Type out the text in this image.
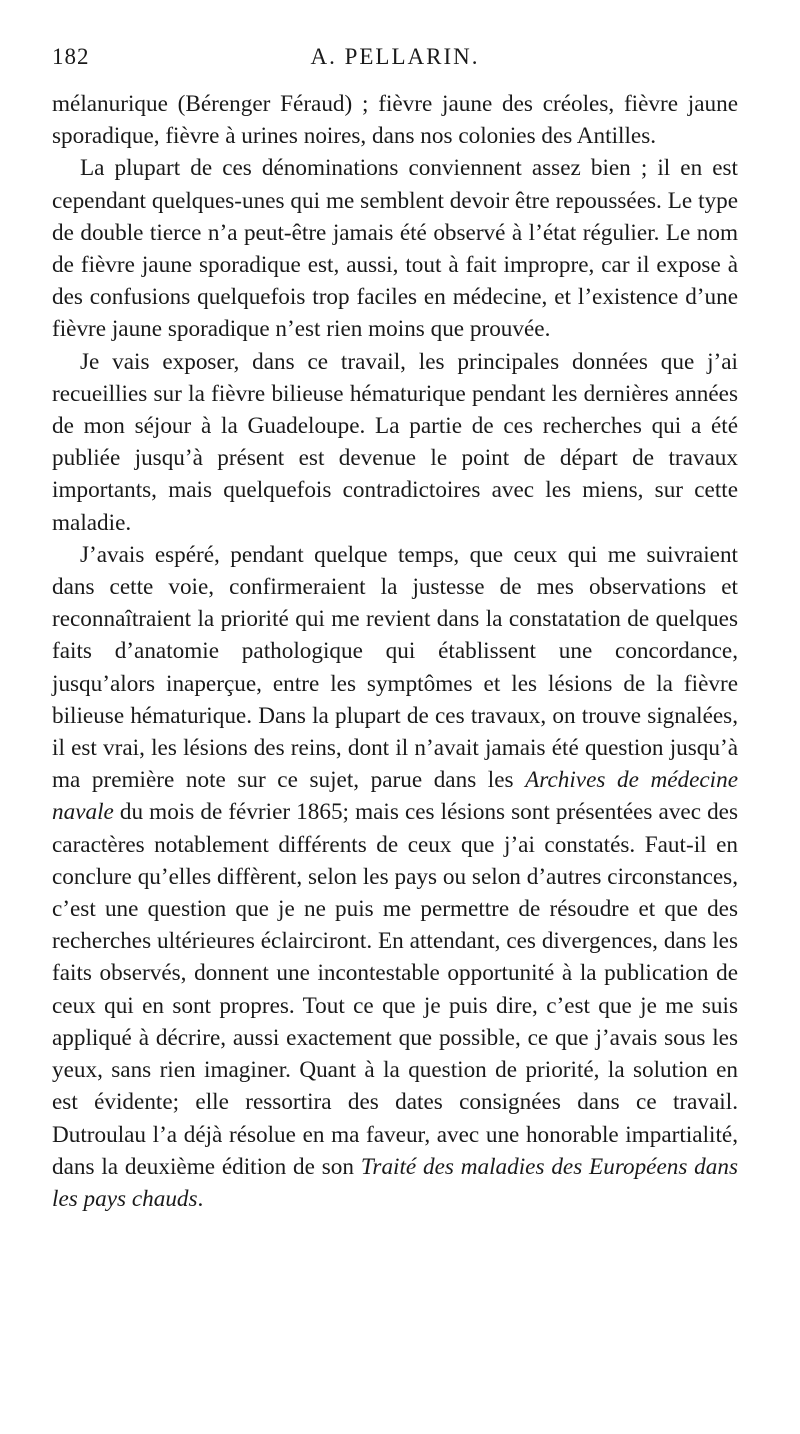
182	A. PELLARIN.

mélanurique (Bérenger Féraud) ; fièvre jaune des créoles, fièvre jaune sporadique, fièvre à urines noires, dans nos colonies des Antilles.

La plupart de ces dénominations conviennent assez bien ; il en est cependant quelques-unes qui me semblent devoir être repoussées. Le type de double tierce n’a peut-être jamais été observé à l’état régulier. Le nom de fièvre jaune sporadique est, aussi, tout à fait impropre, car il expose à des confusions quelquefois trop faciles en médecine, et l’existence d’une fièvre jaune sporadique n’est rien moins que prouvée.

Je vais exposer, dans ce travail, les principales données que j’ai recueillies sur la fièvre bilieuse hématurique pendant les dernières années de mon séjour à la Guadeloupe. La partie de ces recherches qui a été publiée jusqu’à présent est devenue le point de départ de travaux importants, mais quelquefois contradictoires avec les miens, sur cette maladie.

J’avais espéré, pendant quelque temps, que ceux qui me suivraient dans cette voie, confirmeraient la justesse de mes observations et reconnaîtraient la priorité qui me revient dans la constatation de quelques faits d’anatomie pathologique qui établissent une concordance, jusqu’alors inaperçue, entre les symptômes et les lésions de la fièvre bilieuse hématurique. Dans la plupart de ces travaux, on trouve signalées, il est vrai, les lésions des reins, dont il n’avait jamais été question jusqu’à ma première note sur ce sujet, parue dans les Archives de médecine navale du mois de février 1865; mais ces lésions sont présentées avec des caractères notablement différents de ceux que j’ai constatés. Faut-il en conclure qu’elles diffèrent, selon les pays ou selon d’autres circonstances, c’est une question que je ne puis me permettre de résoudre et que des recherches ultérieures éclairciront. En attendant, ces divergences, dans les faits observés, donnent une incontestable opportunité à la publication de ceux qui en sont propres. Tout ce que je puis dire, c’est que je me suis appliqué à décrire, aussi exactement que possible, ce que j’avais sous les yeux, sans rien imaginer. Quant à la question de priorité, la solution en est évidente; elle ressortira des dates consignées dans ce travail. Dutroulau l’a déjà résolue en ma faveur, avec une honorable impartialité, dans la deuxième édition de son Traité des maladies des Européens dans les pays chauds.
